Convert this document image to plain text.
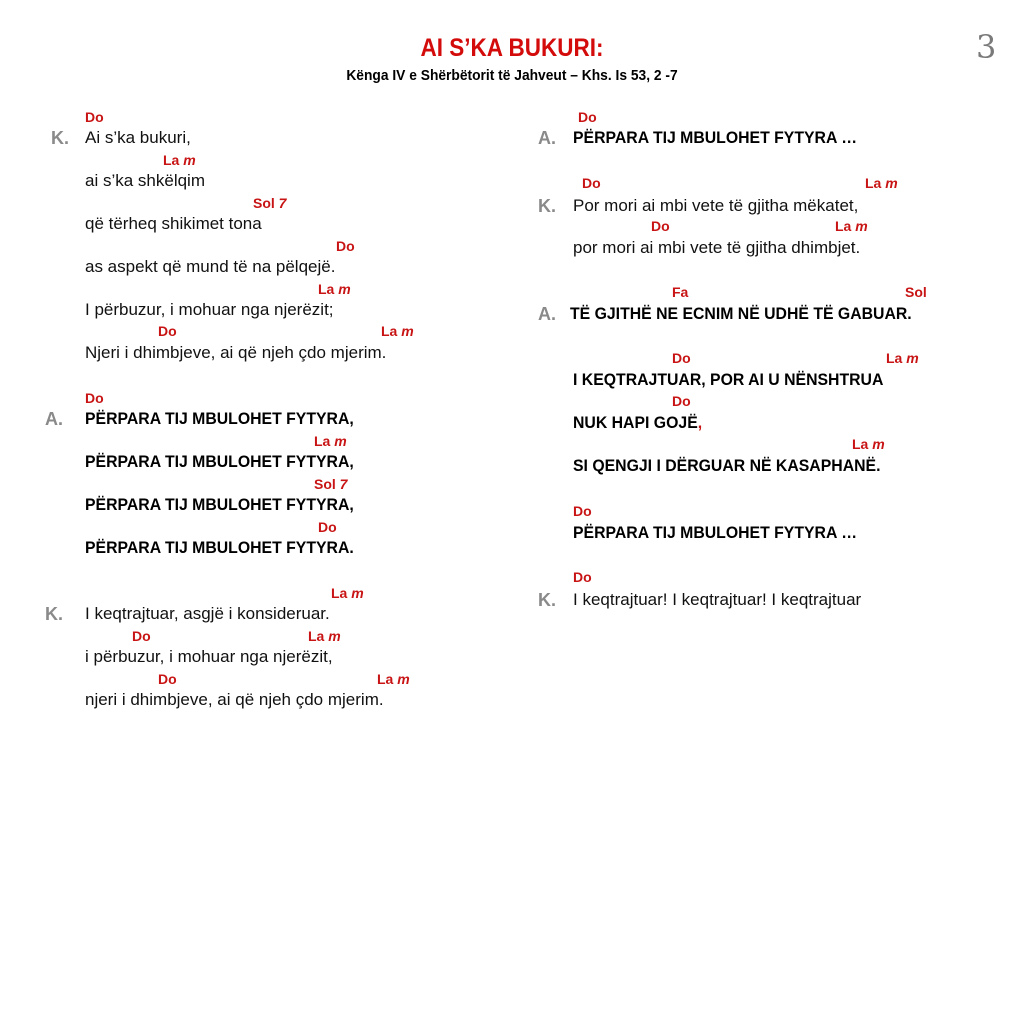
3
AI S’KA BUKURI:
Kënga IV e Shërbëtorit të Jahveut – Khs. Is 53, 2 -7
Do
K. Ai s’ka bukuri,
La m
ai s’ka shkëlqim
Sol 7
që tërheq shikimet tona
Do
as aspekt që mund të na pëlqejë.
La m
I përbuzur, i mohuar nga njerëzit;
Do	La m
Njeri i dhimbjeve, ai që njeh çdo mjerim.
Do
A. PËRPARA TIJ MBULOHET FYTYRA,
La m
PËRPARA TIJ MBULOHET FYTYRA,
Sol 7
PËRPARA TIJ MBULOHET FYTYRA,
Do
PËRPARA TIJ MBULOHET FYTYRA.
La m
K. I keqtrajtuar, asgjë i konsideruar.
Do	La m
i përbuzur, i mohuar nga njerëzit,
Do	La m
njeri i dhimbjeve, ai që njeh çdo mjerim.
Do
A. PËRPARA TIJ MBULOHET FYTYRA …
Do	La m
K. Por mori ai mbi vete të gjitha mëkatet,
Do	La m
por mori ai mbi vete të gjitha dhimbjet.
Fa	Sol
A. TË GJITHË NE ECNIM NË UDHË TË GABUAR.
Do	La m
I KEQTRAJTUAR, POR AI U NËNSHTRUA
Do
NUK HAPI GOJË,
La m
SI QENGJI I DËRGUAR NË KASAPHANË.
Do
PËRPARA TIJ MBULOHET FYTYRA …
Do
K. I keqtrajtuar! I keqtrajtuar! I keqtrajtuar
